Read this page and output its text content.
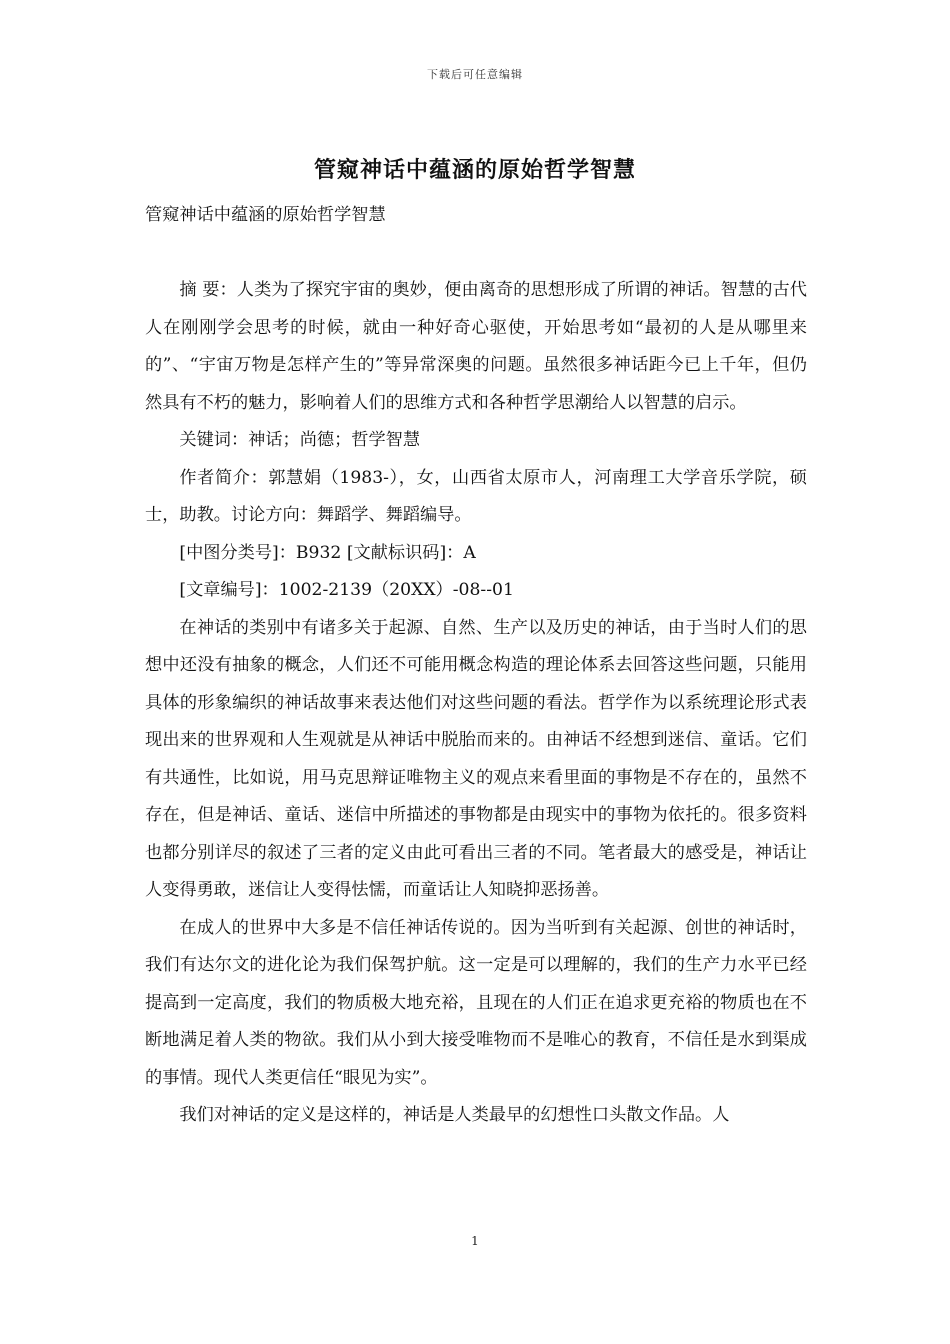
下载后可任意编辑
管窥神话中蕴涵的原始哲学智慧

管窥神话中蕴涵的原始哲学智慧

摘 要：人类为了探究宇宙的奥妙，便由离奇的思想形成了所谓的神话。智慧的古代人在刚刚学会思考的时候，就由一种好奇心驱使，开始思考如“最初的人是从哪里来的”、“宇宙万物是怎样产生的”等异常深奥的问题。虽然很多神话距今已上千年，但仍然具有不朽的魅力，影响着人们的思维方式和各种哲学思潮给人以智慧的启示。

关键词：神话；尚德；哲学智慧

作者简介：郭慧娟（1983-），女，山西省太原市人，河南理工大学音乐学院，硕士，助教。讨论方向：舞蹈学、舞蹈编导。

[中图分类号]：B932 [文献标识码]：A

[文章编号]：1002-2139（20XX）-08--01

在神话的类别中有诸多关于起源、自然、生产以及历史的神话，由于当时人们的思想中还没有抽象的概念，人们还不可能用概念构造的理论体系去回答这些问题，只能用具体的形象编织的神话故事来表达他们对这些问题的看法。哲学作为以系统理论形式表现出来的世界观和人生观就是从神话中脱胎而来的。由神话不经想到迷信、童话。它们有共通性，比如说，用马克思辩证唯物主义的观点来看里面的事物是不存在的，虽然不存在，但是神话、童话、迷信中所描述的事物都是由现实中的事物为依托的。很多资料也都分别详尽的叙述了三者的定义由此可看出三者的不同。笔者最大的感受是，神话让人变得勇敢，迷信让人变得怯懦，而童话让人知晓抑恶扬善。

在成人的世界中大多是不信任神话传说的。因为当听到有关起源、创世的神话时，我们有达尔文的进化论为我们保驾护航。这一定是可以理解的，我们的生产力水平已经提高到一定高度，我们的物质极大地充裕，且现在的人们正在追求更充裕的物质也在不断地满足着人类的物欲。我们从小到大接受唯物而不是唯心的教育，不信任是水到渠成的事情。现代人类更信任“眼见为实”。

我们对神话的定义是这样的，神话是人类最早的幻想性口头散文作品。人

1
